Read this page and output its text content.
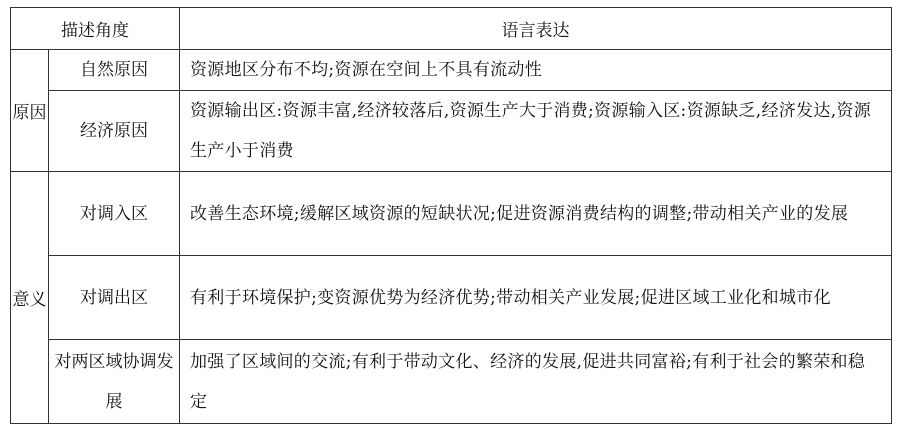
描述角度		语言表达
原因	自然原因	资源地区分布不均;资源在空间上不具有流动性
	经济原因	资源输出区:资源丰富,经济较落后,资源生产大于消费;资源输入区:资源缺乏,经济发达,资源生产小于消费
意义	对调入区	改善生态环境;缓解区域资源的短缺状况;促进资源消费结构的调整;带动相关产业的发展
	对调出区	有利于环境保护;变资源优势为经济优势;带动相关产业发展;促进区域工业化和城市化
	对两区域协调发展	加强了区域间的交流;有利于带动文化、经济的发展,促进共同富裕;有利于社会的繁荣和稳定
